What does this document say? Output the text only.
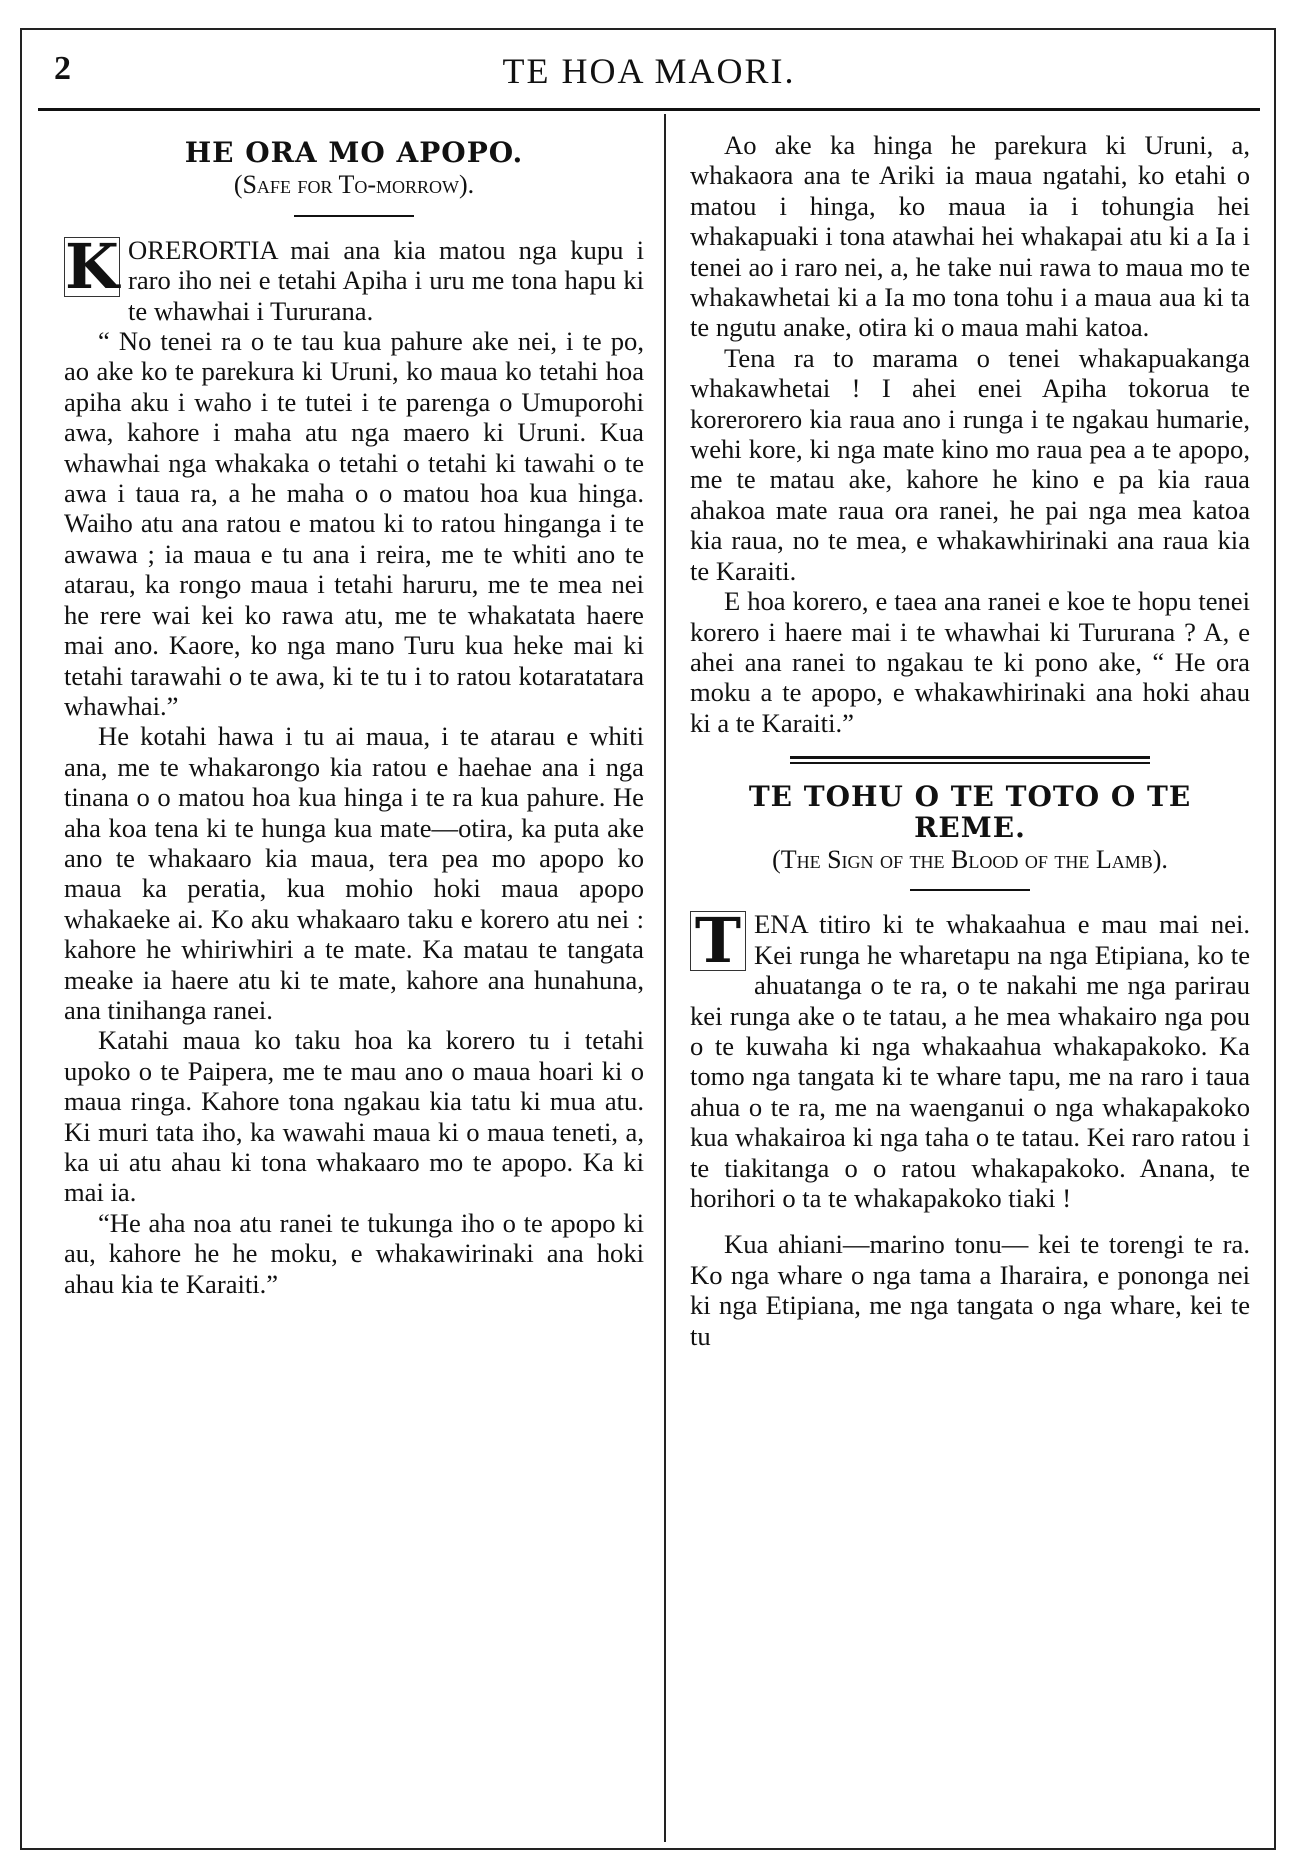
2	TE HOA MAORI.
HE ORA MO APOPO.
(Safe for To-morrow).

K ORERORTIA mai ana kia matou nga kupu i raro iho nei e tetahi Apiha i uru me tona hapu ki te whawhai i Tururana.

“ No tenei ra o te tau kua pahure ake nei, i te po, ao ake ko te parekura ki Uruni, ko maua ko tetahi hoa apiha aku i waho i te tutei i te parenga o Umuporohi awa, kahore i maha atu nga maero ki Uruni. Kua whawhai nga whakaka o tetahi o tetahi ki tawahi o te awa i taua ra, a he maha o o matou hoa kua hinga. Waiho atu ana ratou e matou ki to ratou hinganga i te awawa ; ia maua e tu ana i reira, me te whiti ano te atarau, ka rongo maua i tetahi haruru, me te mea nei he rere wai kei ko rawa atu, me te whakatata haere mai ano. Kaore, ko nga mano Turu kua heke mai ki tetahi tarawahi o te awa, ki te tu i to ratou kotaratatara whawhai.”

He kotahi hawa i tu ai maua, i te atarau e whiti ana, me te whakarongo kia ratou e haehae ana i nga tinana o o matou hoa kua hinga i te ra kua pahure. He aha koa tena ki te hunga kua mate—otira, ka puta ake ano te whakaaro kia maua, tera pea mo apopo ko maua ka peratia, kua mohio hoki maua apopo whakaeke ai. Ko aku whakaaro taku e korero atu nei : kahore he whiriwhiri a te mate. Ka matau te tangata meake ia haere atu ki te mate, kahore ana hunahuna, ana tinihanga ranei.

Katahi maua ko taku hoa ka korero tu i tetahi upoko o te Paipera, me te mau ano o maua hoari ki o maua ringa. Kahore tona ngakau kia tatu ki mua atu. Ki muri tata iho, ka wawahi maua ki o maua teneti, a, ka ui atu ahau ki tona whakaaro mo te apopo. Ka ki mai ia.

“He aha noa atu ranei te tukunga iho o te apopo ki au, kahore he he moku, e whakawirinaki ana hoki ahau kia te Karaiti.”

Ao ake ka hinga he parekura ki Uruni, a, whakaora ana te Ariki ia maua ngatahi, ko etahi o matou i hinga, ko maua ia i tohungia hei whakapuaki i tona atawhai hei whakapai atu ki a Ia i tenei ao i raro nei, a, he take nui rawa to maua mo te whakawhetai ki a Ia mo tona tohu i a maua aua ki ta te ngutu anake, otira ki o maua mahi katoa.

Tena ra to marama o tenei whakapuakanga whakawhetai ! I ahei enei Apiha tokorua te korerorero kia raua ano i runga i te ngakau humarie, wehi kore, ki nga mate kino mo raua pea a te apopo, me te matau ake, kahore he kino e pa kia raua ahakoa mate raua ora ranei, he pai nga mea katoa kia raua, no te mea, e whakawhirinaki ana raua kia te Karaiti.

E hoa korero, e taea ana ranei e koe te hopu tenei korero i haere mai i te whawhai ki Tururana ? A, e ahei ana ranei to ngakau te ki pono ake, “ He ora moku a te apopo, e whakawhirinaki ana hoki ahau ki a te Karaiti.”

TE TOHU O TE TOTO O TE
REME.
(The Sign of the Blood of the Lamb).

T ENA titiro ki te whakaahua e mau mai nei. Kei runga he wharetapu na nga Etipiana, ko te ahuatanga o te ra, o te nakahi me nga parirau kei runga ake o te tatau, a he mea whakairo nga pou o te kuwaha ki nga whakaahua whakapakoko. Ka tomo nga tangata ki te whare tapu, me na raro i taua ahua o te ra, me na waenganui o nga whakapakoko kua whakairoa ki nga taha o te tatau. Kei raro ratou i te tiakitanga o o ratou whakapakoko. Anana, te horihori o ta te whakapakoko tiaki !

Kua ahiani—marino tonu— kei te torengi te ra. Ko nga whare o nga tama a Iharaira, e pononga nei ki nga Etipiana, me nga tangata o nga whare, kei te tu
